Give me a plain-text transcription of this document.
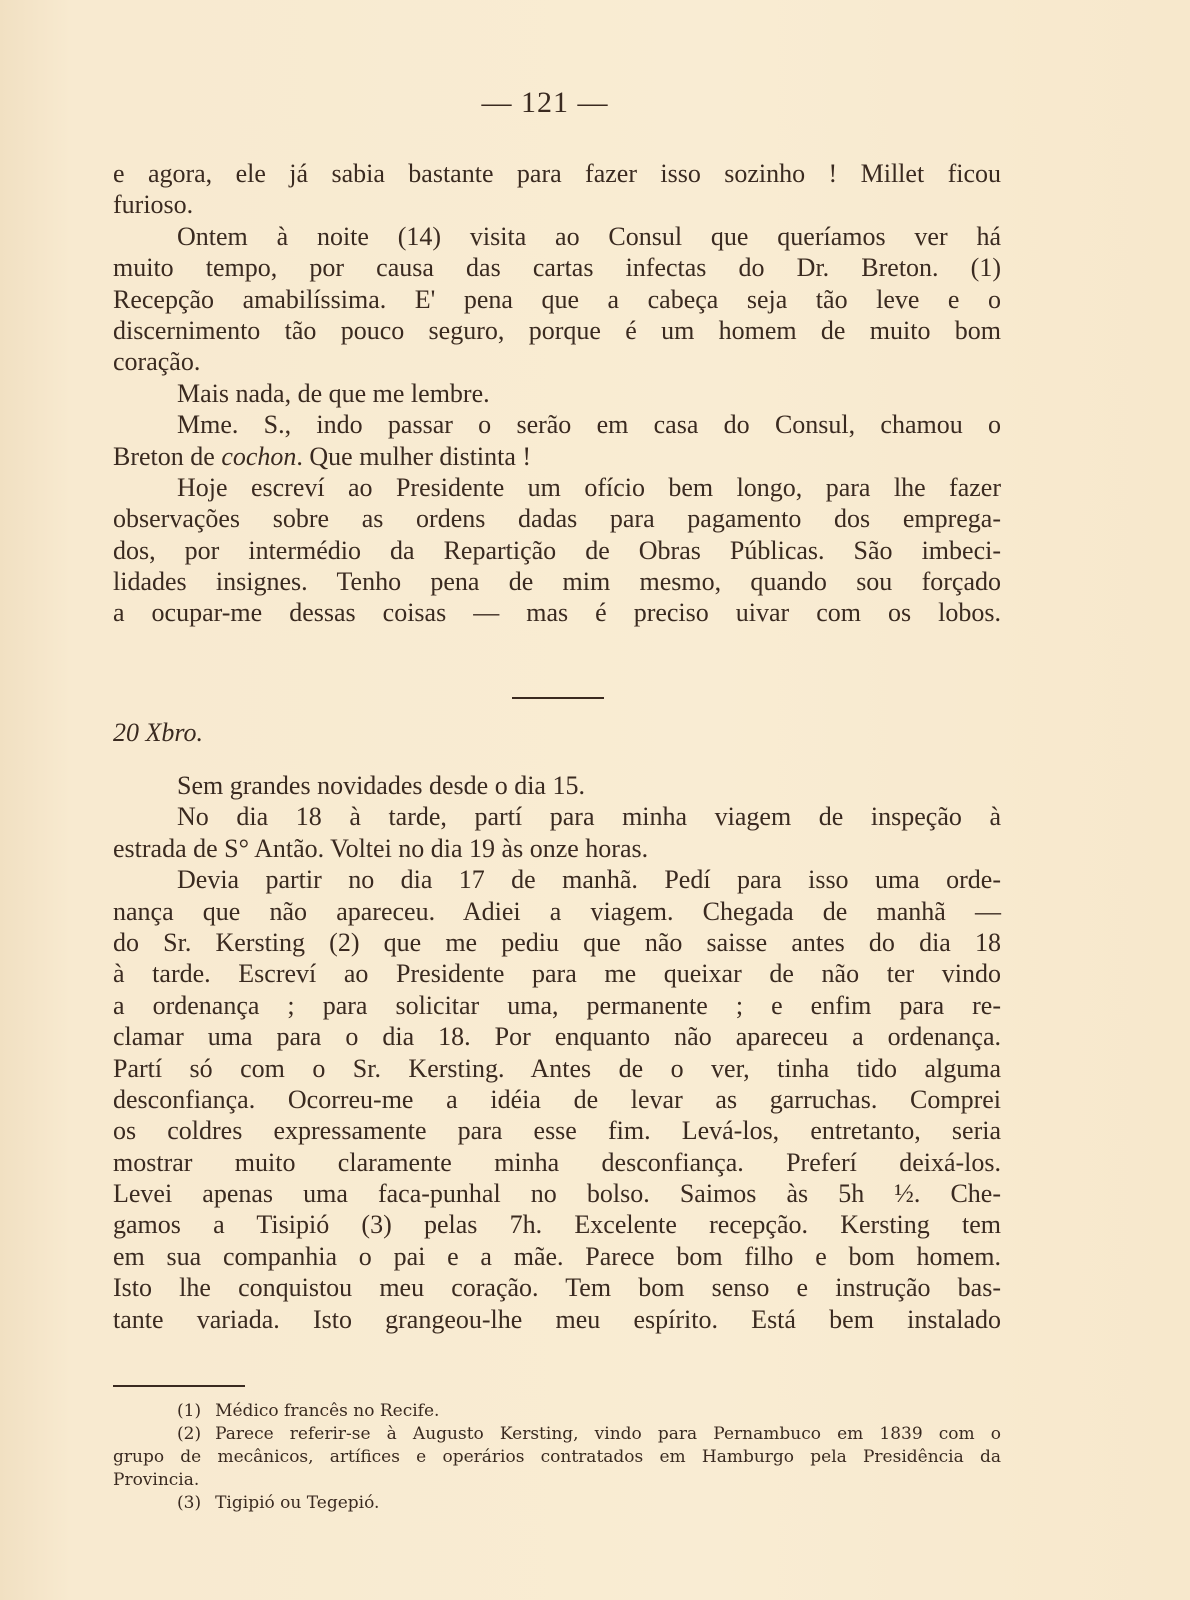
— 121 —
e agora, ele já sabia bastante para fazer isso sozinho ! Millet ficou
furioso.
Ontem à noite (14) visita ao Consul que queríamos ver há
muito tempo, por causa das cartas infectas do Dr. Breton. (1)
Recepção amabilíssima. E' pena que a cabeça seja tão leve e o
discernimento tão pouco seguro, porque é um homem de muito bom
coração.
Mais nada, de que me lembre.
Mme. S., indo passar o serão em casa do Consul, chamou o
Breton de cochon. Que mulher distinta !
Hoje escreví ao Presidente um ofício bem longo, para lhe fazer
observações sobre as ordens dadas para pagamento dos emprega-
dos, por intermédio da Repartição de Obras Públicas. São imbeci-
lidades insignes. Tenho pena de mim mesmo, quando sou forçado
a ocupar-me dessas coisas — mas é preciso uivar com os lobos.
20 Xbro.
Sem grandes novidades desde o dia 15.
No dia 18 à tarde, partí para minha viagem de inspeção à
estrada de S° Antão. Voltei no dia 19 às onze horas.
Devia partir no dia 17 de manhã. Pedí para isso uma orde-
nança que não apareceu. Adiei a viagem. Chegada de manhã —
do Sr. Kersting (2) que me pediu que não saisse antes do dia 18
à tarde. Escreví ao Presidente para me queixar de não ter vindo
a ordenança ; para solicitar uma, permanente ; e enfim para re-
clamar uma para o dia 18. Por enquanto não apareceu a ordenança.
Partí só com o Sr. Kersting. Antes de o ver, tinha tido alguma
desconfiança. Ocorreu-me a idéia de levar as garruchas. Comprei
os coldres expressamente para esse fim. Levá-los, entretanto, seria
mostrar muito claramente minha desconfiança. Preferí deixá-los.
Levei apenas uma faca-punhal no bolso. Saimos às 5h ½. Che-
gamos a Tisipió (3) pelas 7h. Excelente recepção. Kersting tem
em sua companhia o pai e a mãe. Parece bom filho e bom homem.
Isto lhe conquistou meu coração. Tem bom senso e instrução bas-
tante variada. Isto grangeou-lhe meu espírito. Está bem instalado
(1) Médico francês no Recife.
(2) Parece referir-se à Augusto Kersting, vindo para Pernambuco em 1839 com o
grupo de mecânicos, artífices e operários contratados em Hamburgo pela Presidência da
Provincia.
(3) Tigipió ou Tegepió.
